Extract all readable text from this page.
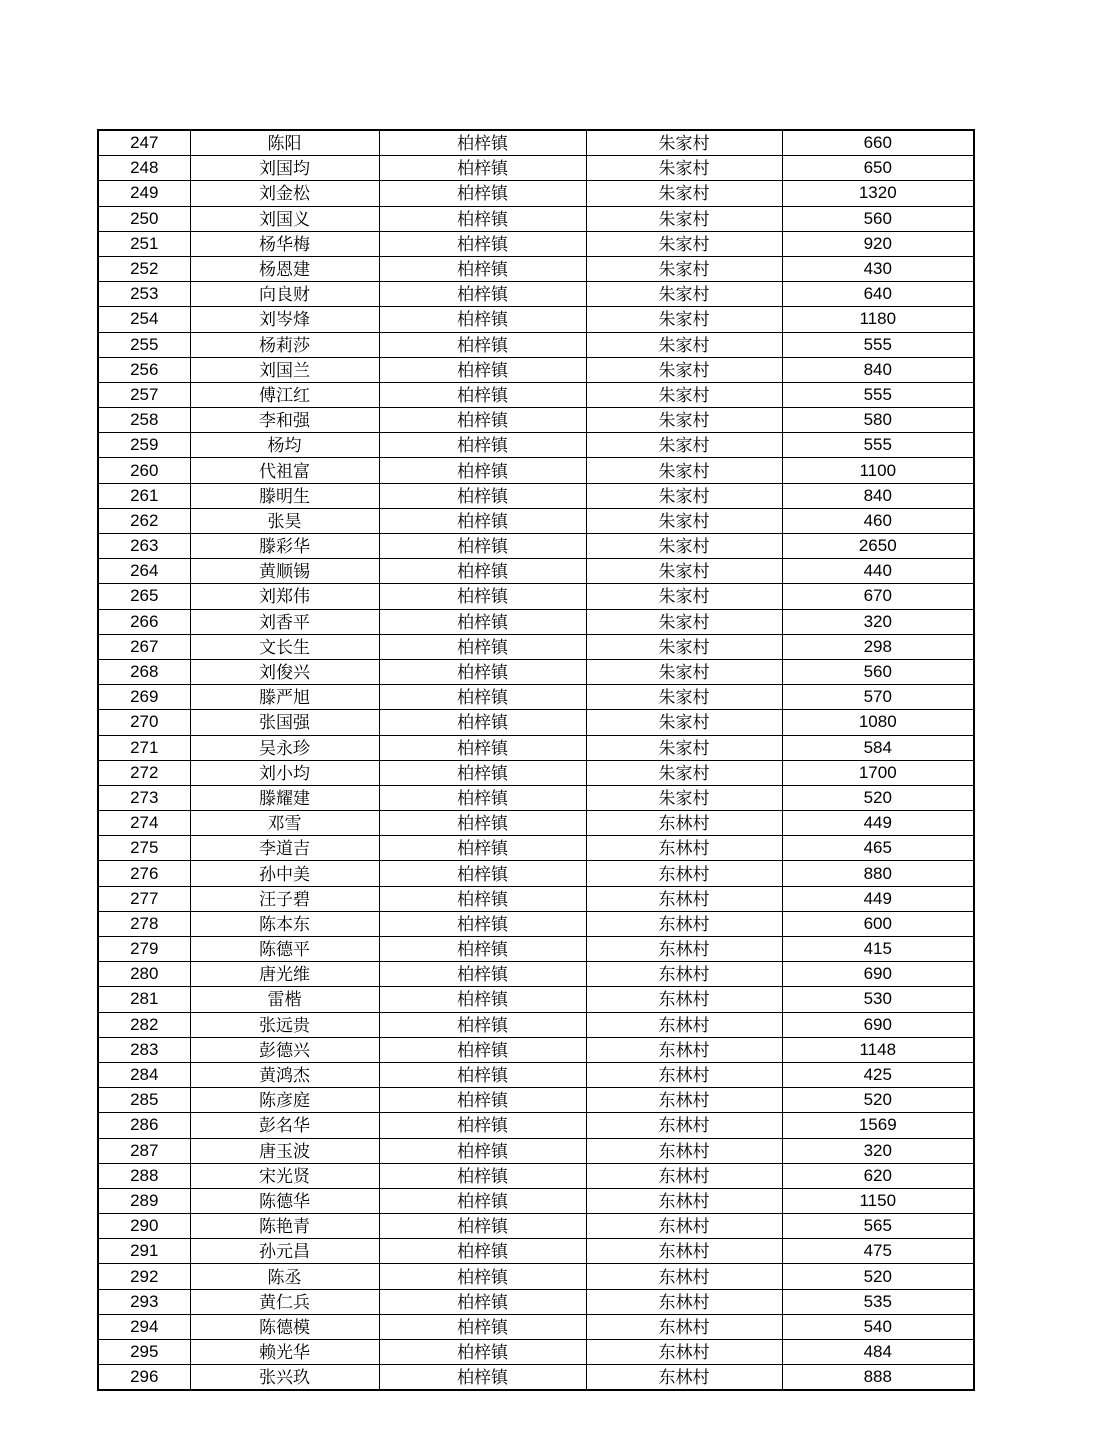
247	陈阳	柏梓镇	朱家村	660
248	刘国均	柏梓镇	朱家村	650
249	刘金松	柏梓镇	朱家村	1320
250	刘国义	柏梓镇	朱家村	560
251	杨华梅	柏梓镇	朱家村	920
252	杨恩建	柏梓镇	朱家村	430
253	向良财	柏梓镇	朱家村	640
254	刘岑烽	柏梓镇	朱家村	1180
255	杨莉莎	柏梓镇	朱家村	555
256	刘国兰	柏梓镇	朱家村	840
257	傅江红	柏梓镇	朱家村	555
258	李和强	柏梓镇	朱家村	580
259	杨均	柏梓镇	朱家村	555
260	代祖富	柏梓镇	朱家村	1100
261	滕明生	柏梓镇	朱家村	840
262	张昊	柏梓镇	朱家村	460
263	滕彩华	柏梓镇	朱家村	2650
264	黄顺锡	柏梓镇	朱家村	440
265	刘郑伟	柏梓镇	朱家村	670
266	刘香平	柏梓镇	朱家村	320
267	文长生	柏梓镇	朱家村	298
268	刘俊兴	柏梓镇	朱家村	560
269	滕严旭	柏梓镇	朱家村	570
270	张国强	柏梓镇	朱家村	1080
271	吴永珍	柏梓镇	朱家村	584
272	刘小均	柏梓镇	朱家村	1700
273	滕耀建	柏梓镇	朱家村	520
274	邓雪	柏梓镇	东林村	449
275	李道吉	柏梓镇	东林村	465
276	孙中美	柏梓镇	东林村	880
277	汪子碧	柏梓镇	东林村	449
278	陈本东	柏梓镇	东林村	600
279	陈德平	柏梓镇	东林村	415
280	唐光维	柏梓镇	东林村	690
281	雷楷	柏梓镇	东林村	530
282	张远贵	柏梓镇	东林村	690
283	彭德兴	柏梓镇	东林村	1148
284	黄鸿杰	柏梓镇	东林村	425
285	陈彦庭	柏梓镇	东林村	520
286	彭名华	柏梓镇	东林村	1569
287	唐玉波	柏梓镇	东林村	320
288	宋光贤	柏梓镇	东林村	620
289	陈德华	柏梓镇	东林村	1150
290	陈艳青	柏梓镇	东林村	565
291	孙元昌	柏梓镇	东林村	475
292	陈丞	柏梓镇	东林村	520
293	黄仁兵	柏梓镇	东林村	535
294	陈德模	柏梓镇	东林村	540
295	赖光华	柏梓镇	东林村	484
296	张兴玖	柏梓镇	东林村	888
